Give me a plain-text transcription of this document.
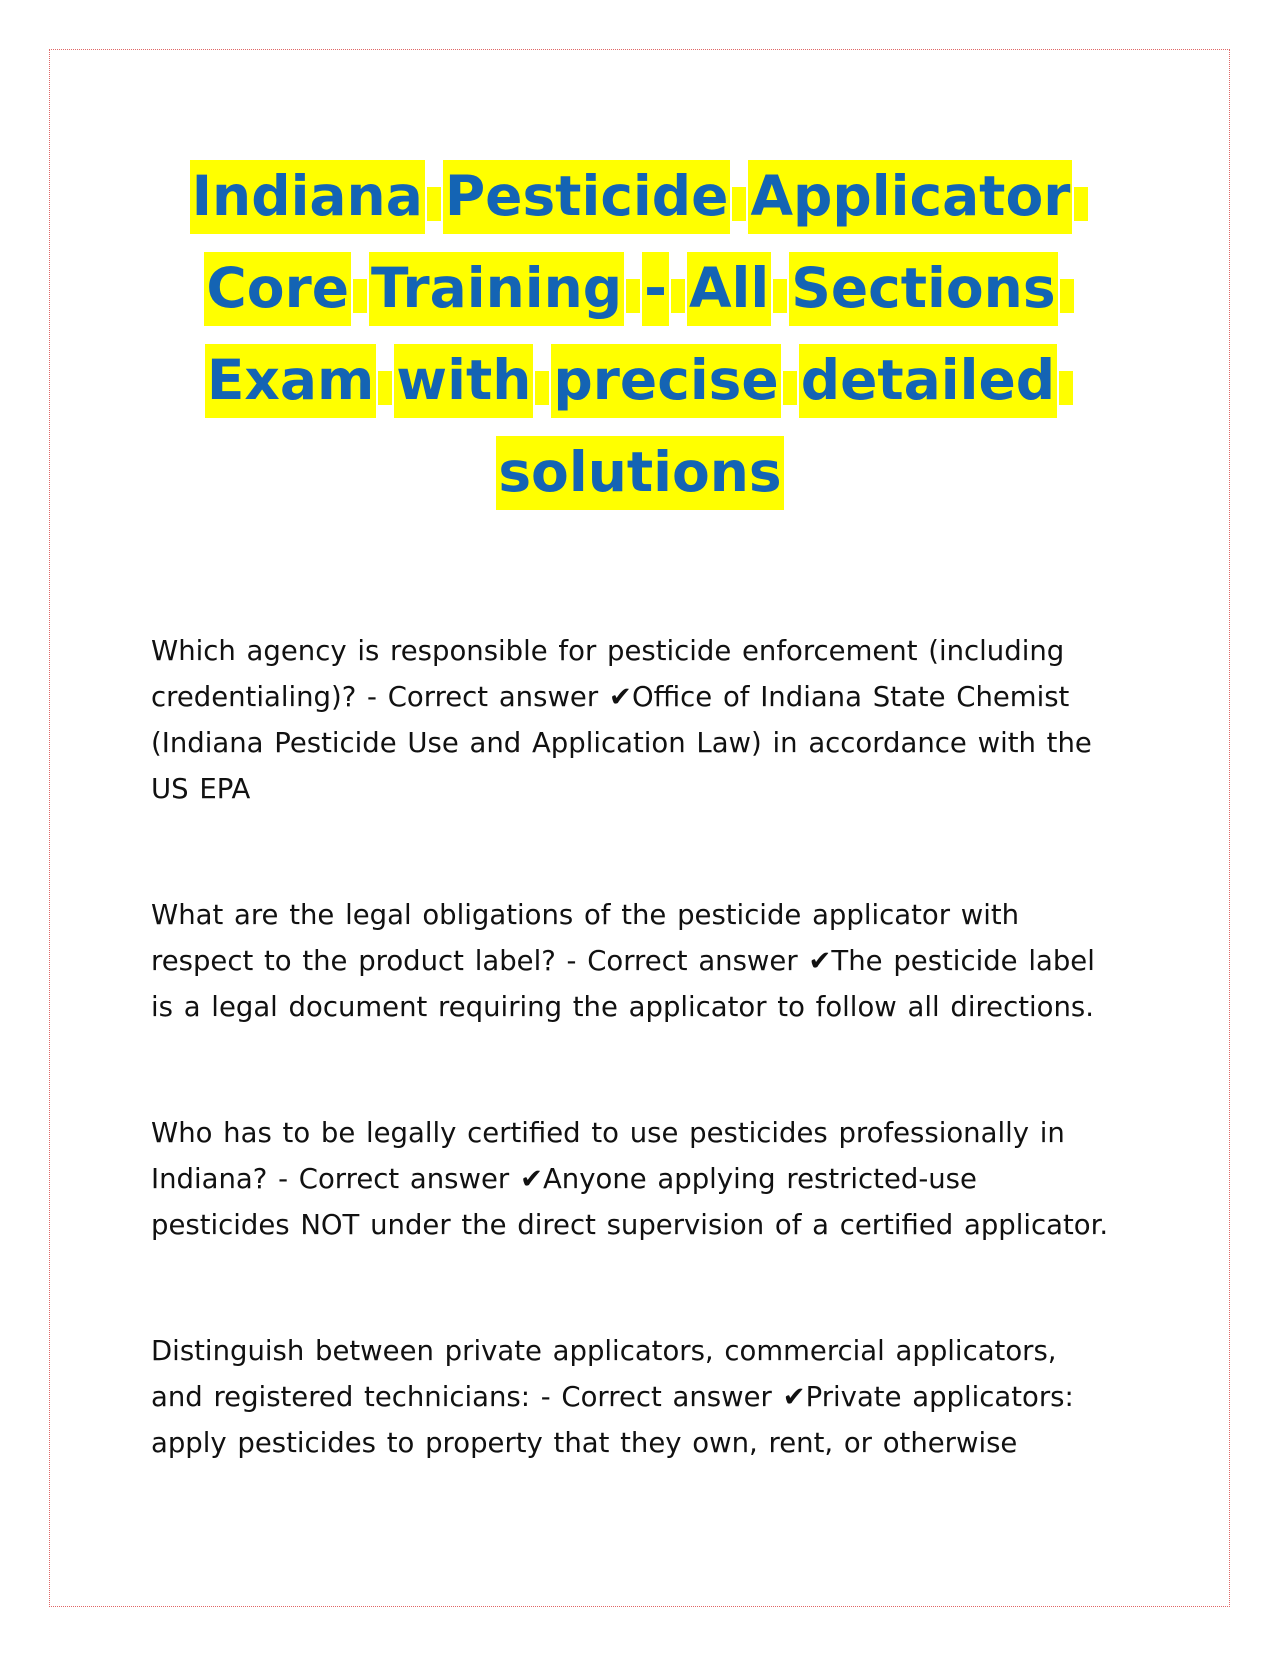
Indiana Pesticide Applicator
Core Training - All Sections
Exam with precise detailed
solutions
Which agency is responsible for pesticide enforcement (including
credentialing)? - Correct answer ✔Office of Indiana State Chemist
(Indiana Pesticide Use and Application Law) in accordance with the
US EPA
What are the legal obligations of the pesticide applicator with
respect to the product label? - Correct answer ✔The pesticide label
is a legal document requiring the applicator to follow all directions.
Who has to be legally certified to use pesticides professionally in
Indiana? - Correct answer ✔Anyone applying restricted-use
pesticides NOT under the direct supervision of a certified applicator.
Distinguish between private applicators, commercial applicators,
and registered technicians: - Correct answer ✔Private applicators:
apply pesticides to property that they own, rent, or otherwise
